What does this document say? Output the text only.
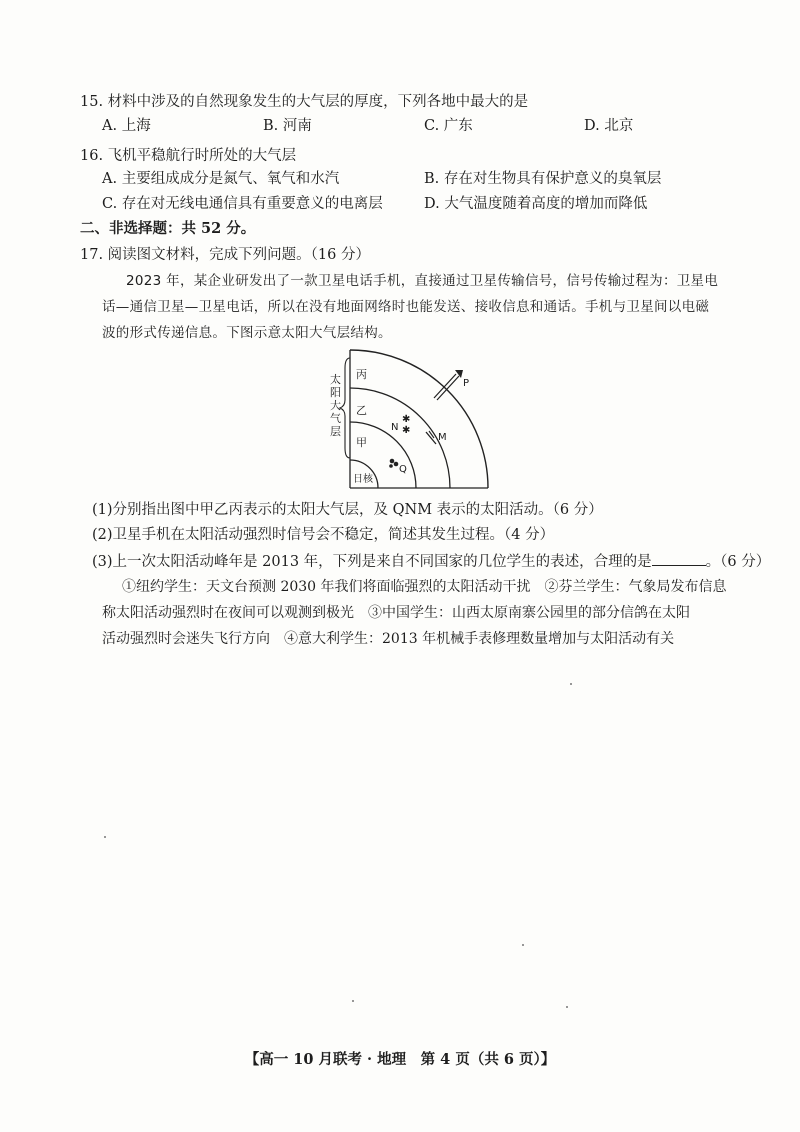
15. 材料中涉及的自然现象发生的大气层的厚度，下列各地中最大的是
A. 上海	B. 河南	C. 广东	D. 北京
16. 飞机平稳航行时所处的大气层
A. 主要组成成分是氮气、氧气和水汽	B. 存在对生物具有保护意义的臭氧层
C. 存在对无线电通信具有重要意义的电离层	D. 大气温度随着高度的增加而降低
二、非选择题：共 52 分。
17. 阅读图文材料，完成下列问题。（16 分）
2023 年，某企业研发出了一款卫星电话手机，直接通过卫星传输信号，信号传输过程为：卫星电
话—通信卫星—卫星电话，所以在没有地面网络时也能发送、接收信息和通话。手机与卫星间以电磁
波的形式传递信息。下图示意太阳大气层结构。
太
阳
大
气
层
丙
乙
甲
日核
P
✱
✱
N
M
Q
(1)分别指出图中甲乙丙表示的太阳大气层，及 QNM 表示的太阳活动。（6 分）
(2)卫星手机在太阳活动强烈时信号会不稳定，简述其发生过程。（4 分）
(3)上一次太阳活动峰年是 2013 年，下列是来自不同国家的几位学生的表述，合理的是	。（6 分）
①纽约学生：天文台预测 2030 年我们将面临强烈的太阳活动干扰　②芬兰学生：气象局发布信息
称太阳活动强烈时在夜间可以观测到极光　③中国学生：山西太原南寨公园里的部分信鸽在太阳
活动强烈时会迷失飞行方向　④意大利学生：2013 年机械手表修理数量增加与太阳活动有关
【高一 10 月联考 · 地理　第 4 页（共 6 页）】
